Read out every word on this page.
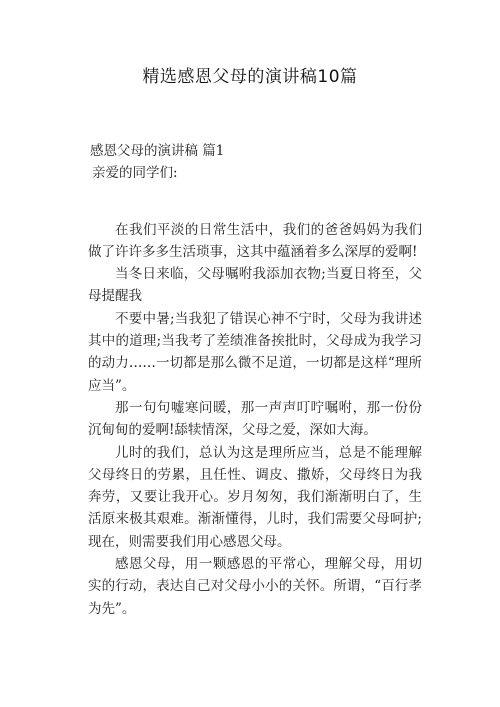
精选感恩父母的演讲稿10篇

感恩父母的演讲稿 篇1

亲爱的同学们:

在我们平淡的日常生活中，我们的爸爸妈妈为我们做了许许多多生活琐事，这其中蕴涵着多么深厚的爱啊!

当冬日来临，父母嘱咐我添加衣物;当夏日将至，父母提醒我

不要中暑;当我犯了错误心神不宁时，父母为我讲述其中的道理;当我考了差绩准备挨批时，父母成为我学习的动力……一切都是那么微不足道，一切都是这样“理所应当”。

那一句句嘘寒问暖，那一声声叮咛嘱咐，那一份份沉甸甸的爱啊!舔犊情深，父母之爱，深如大海。

儿时的我们，总认为这是理所应当，总是不能理解父母终日的劳累，且任性、调皮、撒娇，父母终日为我奔劳，又要让我开心。岁月匆匆，我们渐渐明白了，生活原来极其艰难。渐渐懂得，儿时，我们需要父母呵护;现在，则需要我们用心感恩父母。

感恩父母，用一颗感恩的平常心，理解父母，用切实的行动，表达自己对父母小小的关怀。所谓，“百行孝为先”。
